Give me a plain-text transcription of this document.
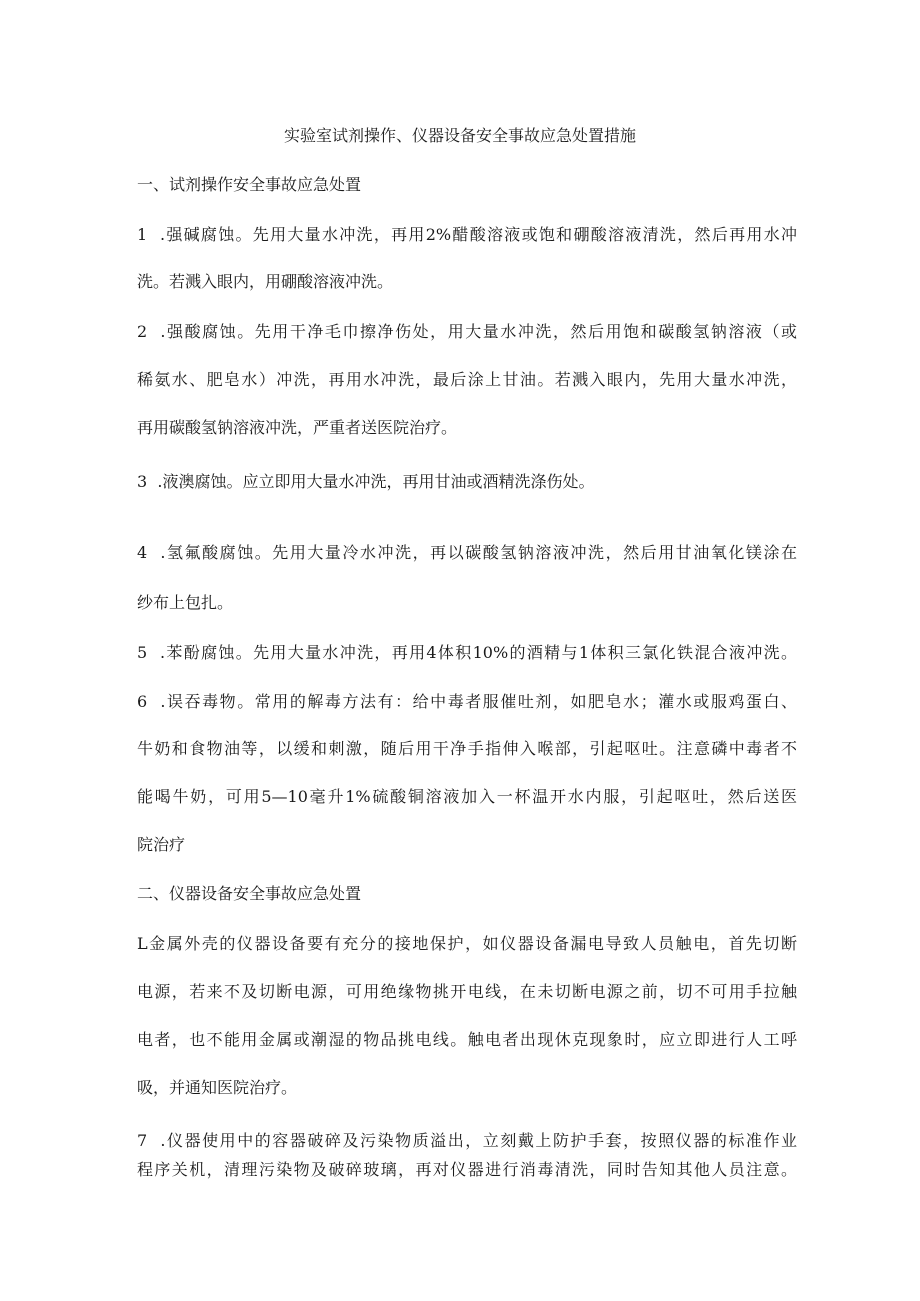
实验室试剂操作、仪器设备安全事故应急处置措施
一、试剂操作安全事故应急处置
1  .强碱腐蚀。先用大量水冲洗，再用2%醋酸溶液或饱和硼酸溶液清洗，然后再用水冲
洗。若溅入眼内，用硼酸溶液冲洗。
2  .强酸腐蚀。先用干净毛巾擦净伤处，用大量水冲洗，然后用饱和碳酸氢钠溶液（或
稀氨水、肥皂水）冲洗，再用水冲洗，最后涂上甘油。若溅入眼内，先用大量水冲洗，
再用碳酸氢钠溶液冲洗，严重者送医院治疗。
3  .液澳腐蚀。应立即用大量水冲洗，再用甘油或酒精洗涤伤处。
4  .氢氟酸腐蚀。先用大量冷水冲洗，再以碳酸氢钠溶液冲洗，然后用甘油氧化镁涂在
纱布上包扎。
5  .苯酚腐蚀。先用大量水冲洗，再用4体积10%的酒精与1体积三氯化铁混合液冲洗。
6  .误吞毒物。常用的解毒方法有：给中毒者服催吐剂，如肥皂水；灌水或服鸡蛋白、
牛奶和食物油等，以缓和刺激，随后用干净手指伸入喉部，引起呕吐。注意磷中毒者不
能喝牛奶，可用5—10毫升1%硫酸铜溶液加入一杯温开水内服，引起呕吐，然后送医
院治疗
二、仪器设备安全事故应急处置
L金属外壳的仪器设备要有充分的接地保护，如仪器设备漏电导致人员触电，首先切断
电源，若来不及切断电源，可用绝缘物挑开电线，在未切断电源之前，切不可用手拉触
电者，也不能用金属或潮湿的物品挑电线。触电者出现休克现象时，应立即进行人工呼
吸，并通知医院治疗。
7  .仪器使用中的容器破碎及污染物质溢出，立刻戴上防护手套，按照仪器的标准作业
程序关机，清理污染物及破碎玻璃，再对仪器进行消毒清洗，同时告知其他人员注意。
